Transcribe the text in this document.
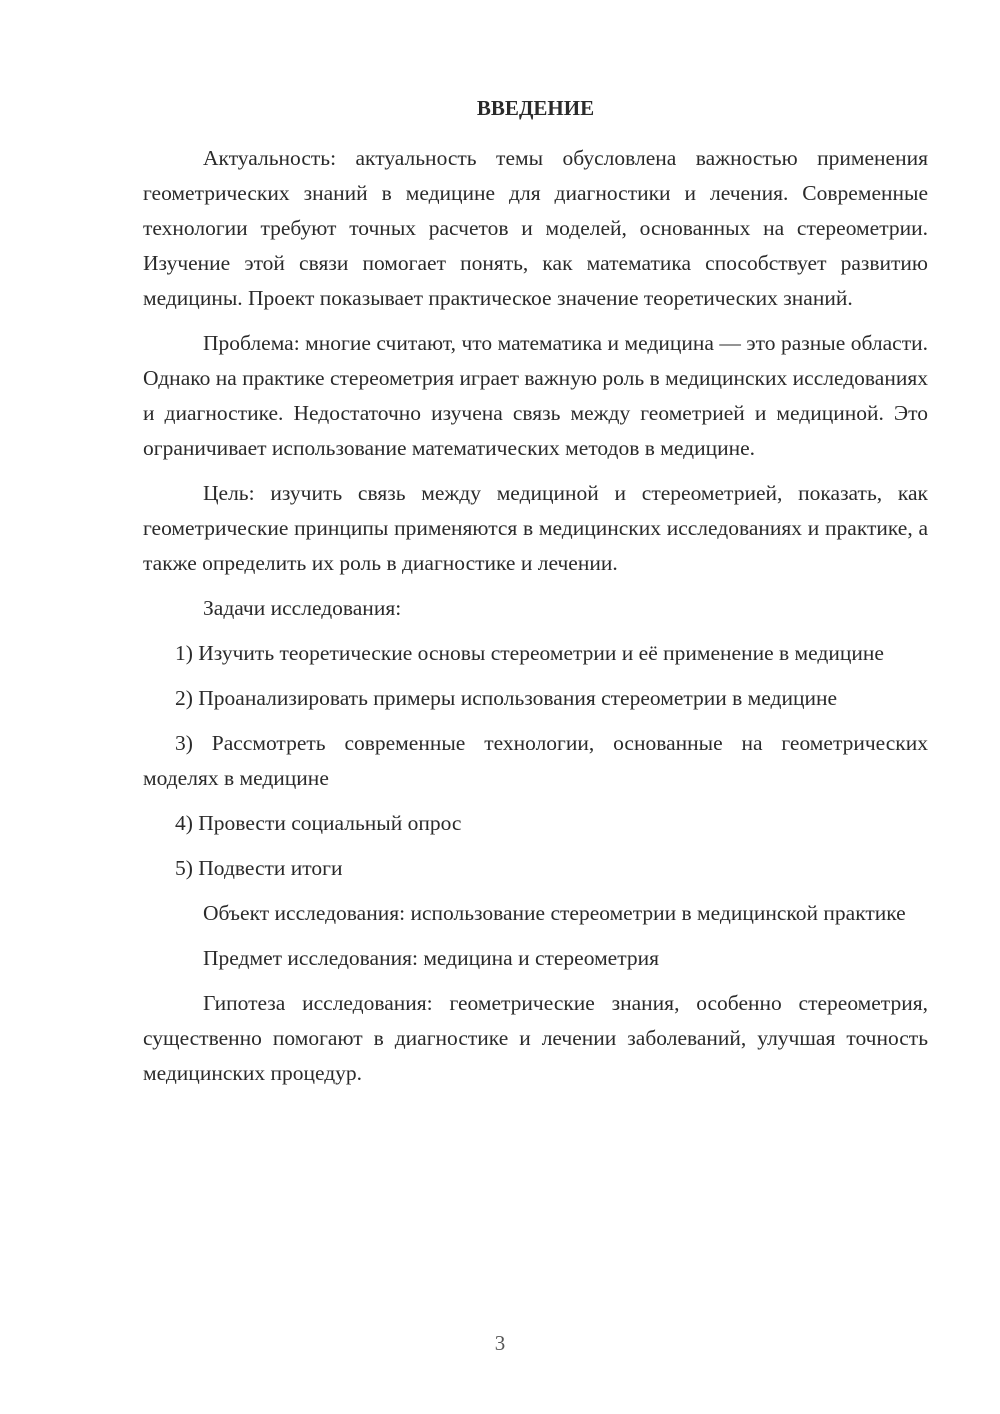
ВВЕДЕНИЕ

Актуальность: актуальность темы обусловлена важностью применения геометрических знаний в медицине для диагностики и лечения. Современные технологии требуют точных расчетов и моделей, основанных на стереометрии. Изучение этой связи помогает понять, как математика способствует развитию медицины. Проект показывает практическое значение теоретических знаний.

Проблема: многие считают, что математика и медицина — это разные области. Однако на практике стереометрия играет важную роль в медицинских исследованиях и диагностике. Недостаточно изучена связь между геометрией и медициной. Это ограничивает использование математических методов в медицине.

Цель: изучить связь между медициной и стереометрией, показать, как геометрические принципы применяются в медицинских исследованиях и практике, а также определить их роль в диагностике и лечении.

Задачи исследования:

1) Изучить теоретические основы стереометрии и её применение в медицине

2) Проанализировать примеры использования стереометрии в медицине

3) Рассмотреть современные технологии, основанные на геометрических моделях в медицине

4) Провести социальный опрос

5) Подвести итоги

Объект исследования: использование стереометрии в медицинской практике

Предмет исследования: медицина и стереометрия

Гипотеза исследования: геометрические знания, особенно стереометрия, существенно помогают в диагностике и лечении заболеваний, улучшая точность медицинских процедур.

3
